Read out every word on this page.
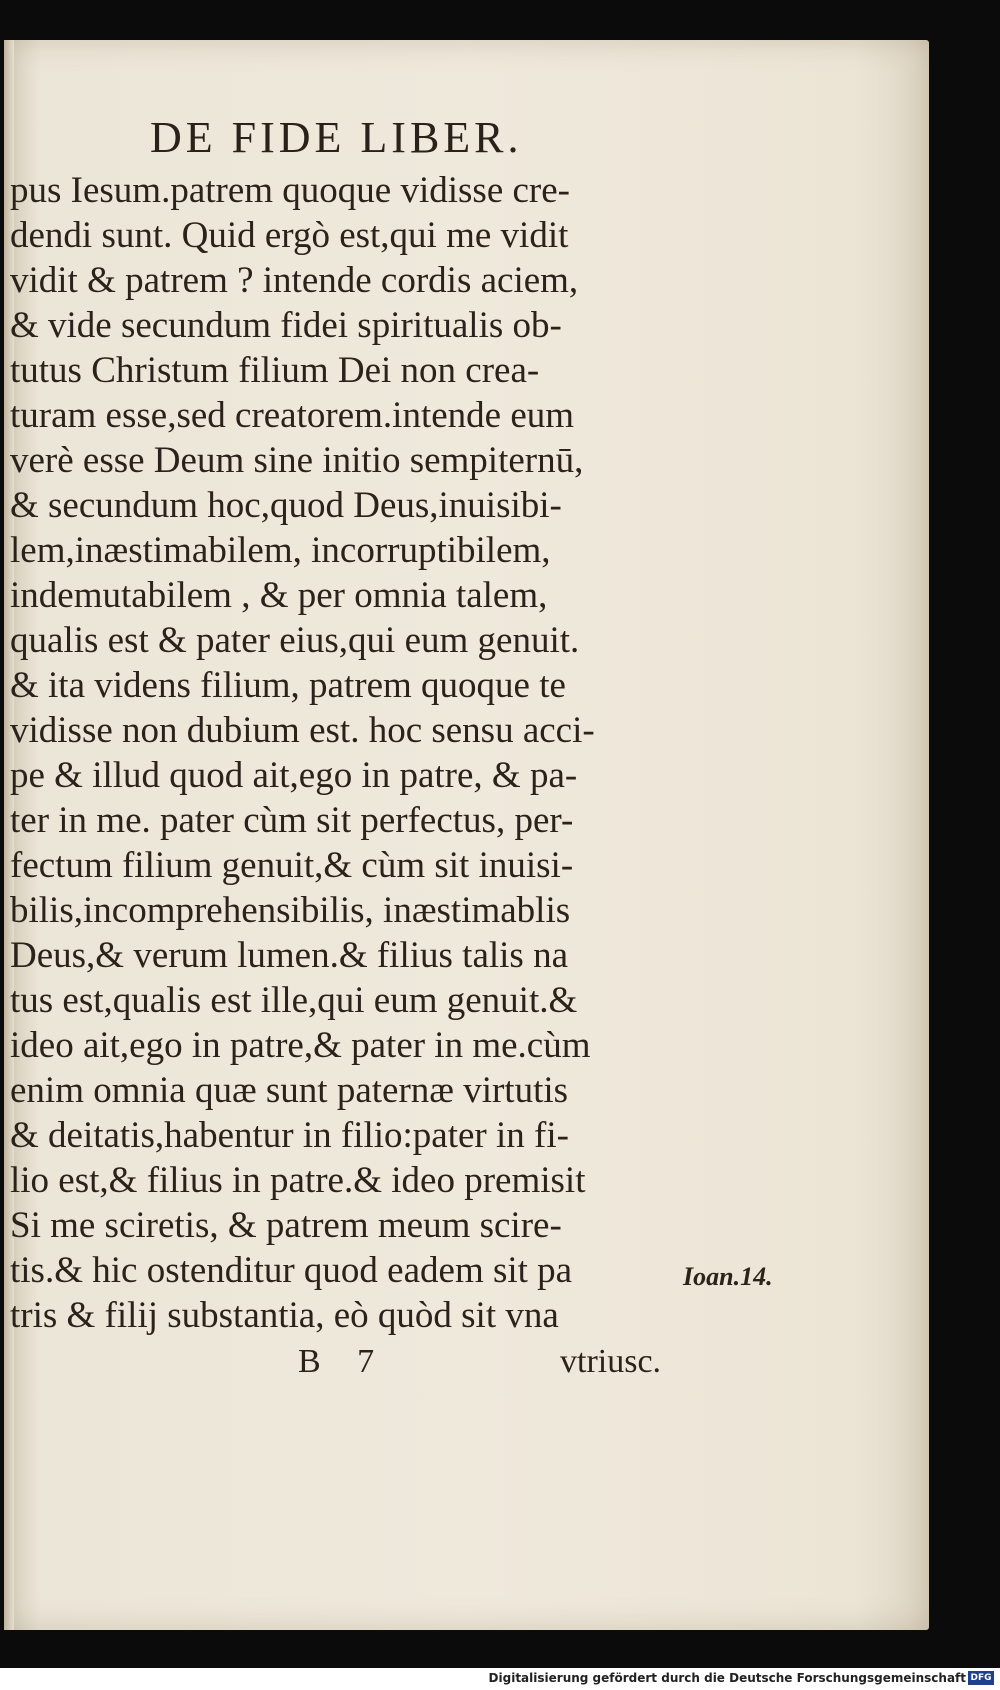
DE FIDE LIBER.
pus Iesum.patrem quoque vidisse cre-
dendi sunt. Quid ergò est,qui me vidit
vidit & patrem ? intende cordis aciem,
& vide secundum fidei spiritualis ob-
tutus Christum filium Dei non crea-
turam esse,sed creatorem.intende eum
verè esse Deum sine initio sempiternū,
& secundum hoc,quod Deus,inuisibi-
lem,inæstimabilem, incorruptibilem,
indemutabilem , & per omnia talem,
qualis est & pater eius,qui eum genuit.
& ita videns filium, patrem quoque te
vidisse non dubium est. hoc sensu acci-
pe & illud quod ait,ego in patre, & pa-
ter in me. pater cùm sit perfectus, per-
fectum filium genuit,& cùm sit inuisi-
bilis,incomprehensibilis, inæstimablis
Deus,& verum lumen.& filius talis na
tus est,qualis est ille,qui eum genuit.&
ideo ait,ego in patre,& pater in me.cùm
enim omnia quæ sunt paternæ virtutis
& deitatis,habentur in filio:pater in fi-
lio est,& filius in patre.& ideo premisit
Si me sciretis, & patrem meum scire-
tis.& hic ostenditur quod eadem sit pa
tris & filij substantia, eò quòd sit vna
Ioan.14.
B 7	vtriusc.
Digitalisierung gefördert durch die Deutsche Forschungsgemeinschaft DFG
